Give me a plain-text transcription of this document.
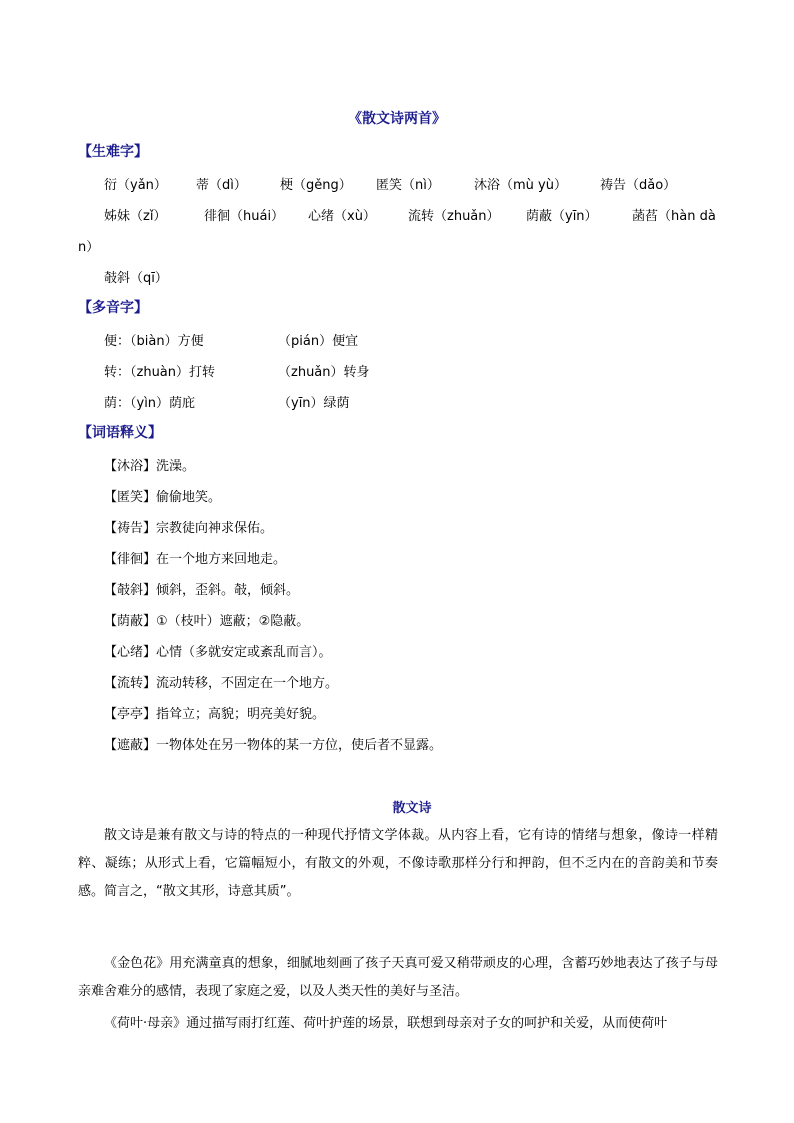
《散文诗两首》
【生难字】
衍（yǎn） 蒂（dì）	梗（gěng） 匿笑（nì）	沐浴（mù yù）	祷告（dǎo）
姊妹（zǐ）	徘徊（huái） 心绪（xù） 流转（zhuǎn） 荫蔽（yīn）	菡萏（hàn dà
n）
攲斜（qī）
【多音字】
便：（biàn）方便	（pián）便宜
转：（zhuàn）打转	（zhuǎn）转身
荫：（yìn）荫庇	（yīn）绿荫
【词语释义】
【沐浴】洗澡。
【匿笑】偷偷地笑。
【祷告】宗教徒向神求保佑。
【徘徊】在一个地方来回地走。
【攲斜】倾斜，歪斜。攲，倾斜。
【荫蔽】①（枝叶）遮蔽；②隐蔽。
【心绪】心情（多就安定或紊乱而言）。
【流转】流动转移，不固定在一个地方。
【亭亭】指耸立；高貌；明亮美好貌。
【遮蔽】一物体处在另一物体的某一方位，使后者不显露。
散文诗
散文诗是兼有散文与诗的特点的一种现代抒情文学体裁。从内容上看，它有诗的情绪与想象，像诗一样精粹、凝练；从形式上看，它篇幅短小，有散文的外观，不像诗歌那样分行和押韵，但不乏内在的音韵美和节奏感。简言之，“散文其形，诗意其质”。
《金色花》用充满童真的想象，细腻地刻画了孩子天真可爱又稍带顽皮的心理，含蓄巧妙地表达了孩子与母亲难舍难分的感情，表现了家庭之爱，以及人类天性的美好与圣洁。
《荷叶·母亲》通过描写雨打红莲、荷叶护莲的场景，联想到母亲对子女的呵护和关爱，从而使荷叶
